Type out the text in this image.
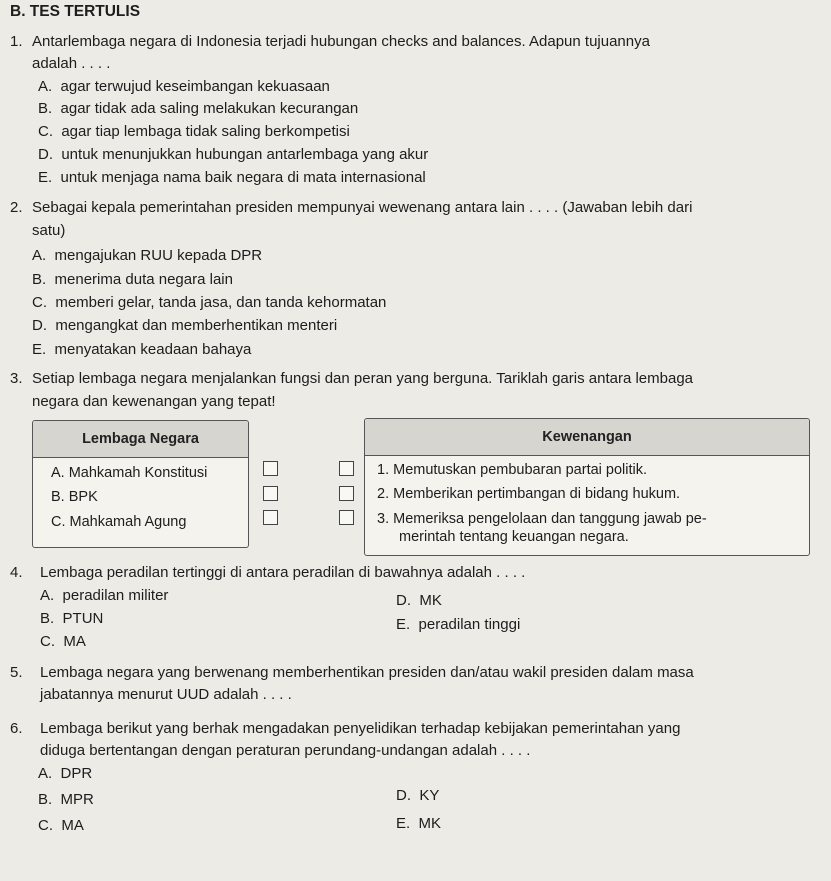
B. TES TERTULIS
1. Antarlembaga negara di Indonesia terjadi hubungan checks and balances. Adapun tujuannya
adalah . . . .
A. agar terwujud keseimbangan kekuasaan
B. agar tidak ada saling melakukan kecurangan
C. agar tiap lembaga tidak saling berkompetisi
D. untuk menunjukkan hubungan antarlembaga yang akur
E. untuk menjaga nama baik negara di mata internasional
2. Sebagai kepala pemerintahan presiden mempunyai wewenang antara lain . . . . (Jawaban lebih dari
satu)
A. mengajukan RUU kepada DPR
B. menerima duta negara lain
C. memberi gelar, tanda jasa, dan tanda kehormatan
D. mengangkat dan memberhentikan menteri
E. menyatakan keadaan bahaya
3. Setiap lembaga negara menjalankan fungsi dan peran yang berguna. Tariklah garis antara lembaga
negara dan kewenangan yang tepat!
Lembaga Negara
A. Mahkamah Konstitusi
B. BPK
C. Mahkamah Agung
Kewenangan
1. Memutuskan pembubaran partai politik.
2. Memberikan pertimbangan di bidang hukum.
3. Memeriksa pengelolaan dan tanggung jawab pe-
merintah tentang keuangan negara.
4. Lembaga peradilan tertinggi di antara peradilan di bawahnya adalah . . . .
A. peradilan militer
B. PTUN
C. MA
D. MK
E. peradilan tinggi
5. Lembaga negara yang berwenang memberhentikan presiden dan/atau wakil presiden dalam masa
jabatannya menurut UUD adalah . . . .
6. Lembaga berikut yang berhak mengadakan penyelidikan terhadap kebijakan pemerintahan yang
diduga bertentangan dengan peraturan perundang-undangan adalah . . . .
A. DPR
B. MPR
C. MA
D. KY
E. MK
